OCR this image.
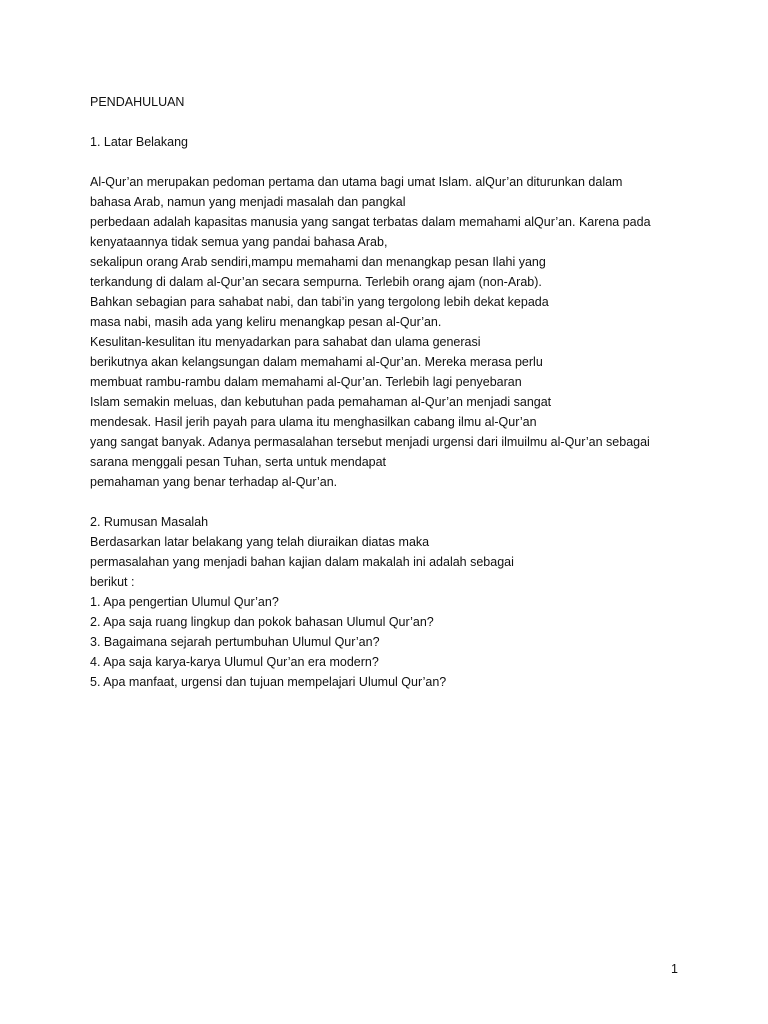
PENDAHULUAN
1. Latar Belakang
Al-Qur’an merupakan pedoman pertama dan utama bagi umat Islam. alQur’an diturunkan dalam
bahasa Arab, namun yang menjadi masalah dan pangkal
perbedaan adalah kapasitas manusia yang sangat terbatas dalam memahami alQur’an. Karena pada
kenyataannya tidak semua yang pandai bahasa Arab,
sekalipun orang Arab sendiri,mampu memahami dan menangkap pesan Ilahi yang
terkandung di dalam al-Qur’an secara sempurna. Terlebih orang ajam (non-Arab).
Bahkan sebagian para sahabat nabi, dan tabi’in yang tergolong lebih dekat kepada
masa nabi, masih ada yang keliru menangkap pesan al-Qur’an.
Kesulitan-kesulitan itu menyadarkan para sahabat dan ulama generasi
berikutnya akan kelangsungan dalam memahami al-Qur’an. Mereka merasa perlu
membuat rambu-rambu dalam memahami al-Qur’an. Terlebih lagi penyebaran
Islam semakin meluas, dan kebutuhan pada pemahaman al-Qur’an menjadi sangat
mendesak. Hasil jerih payah para ulama itu menghasilkan cabang ilmu al-Qur’an
yang sangat banyak. Adanya permasalahan tersebut menjadi urgensi dari ilmuilmu al-Qur’an sebagai
sarana menggali pesan Tuhan, serta untuk mendapat
pemahaman yang benar terhadap al-Qur’an.
2. Rumusan Masalah
Berdasarkan latar belakang yang telah diuraikan diatas maka
permasalahan yang menjadi bahan kajian dalam makalah ini adalah sebagai
berikut :
1. Apa pengertian Ulumul Qur’an?
2. Apa saja ruang lingkup dan pokok bahasan Ulumul Qur’an?
3. Bagaimana sejarah pertumbuhan Ulumul Qur’an?
4. Apa saja karya-karya Ulumul Qur’an era modern?
5. Apa manfaat, urgensi dan tujuan mempelajari Ulumul Qur’an?
1
